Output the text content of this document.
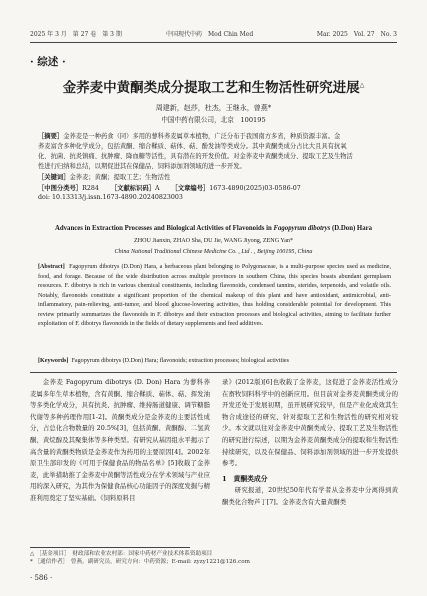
2025 年 3 月　第 27 卷　第 3 期	中国现代中药　Mod Chin Med	Mar. 2025　Vol. 27　No. 3
· 综述 ·
金荞麦中黄酮类成分提取工艺和生物活性研究进展△
周建新，赵莎，杜杰，王继永，曾燕*
中国中药有限公司，北京　100195
［摘要］金荞麦是一种药食（同）多用的蓼科荞麦属草本植物，广泛分布于我国南方多省，种质资源丰富。金
荞麦富含多种化学成分，包括黄酮、缩合鞣质、萜体、萜、酚发油等类成分。其中黄酮类成分占比大且具有抗氧
化、抗菌、抗炎镇痛、抗肿瘤、降血糖等活性，具有潜在的开发价值。对金荞麦中黄酮类成分、提取工艺及生物活
性进行归纳和总结，以期促进其在保健品、饲料添加剂领域的进一步开发。
［关键词］金荞麦；黄酮；提取工艺；生物活性
［中图分类号］R284 ［文献标识码］A ［文章编号］1673-4890(2025)03-0586-07
doi: 10.13313/j.issn.1673-4890.20240823003
Advances in Extraction Processes and Biological Activities of Flavonoids in Fagopyrum dibotrys (D.Don) Hara
ZHOU Jianxin, ZHAO Sha, DU Jie, WANG Jiyong, ZENG Yan*
China National Traditional Chinese Medicine Co. , Ltd . , Beijing 100195, China
[Abstract] Fagopyrum dibotrys (D.Don) Hara, a herbaceous plant belonging to Polygonaceae, is a multi-purpose species used as medicine, food, and forage. Because of the wide distribution across multiple provinces in southern China, this species boasts abundant germplasm resources. F. dibotrys is rich in various chemical constituents, including flavonoids, condensed tannins, sterides, terpenoids, and volatile oils. Notably, flavonoids constitute a significant proportion of the chemical makeup of this plant and have antioxidant, antimicrobial, anti-inflammatory, pain-relieving, anti-tumor, and blood glucose-lowering activities, thus holding considerable potential for development. This review primarily summarizes the flavonoids in F. dibotrys and their extraction processes and biological activities, aiming to facilitate further exploitation of F. dibotrys flavonoids in the fields of dietary supplements and feed additives.
[Keywords] Fagopyrum dibotrys (D.Don) Hara; flavonoids; extraction processes; biological activities

金荞麦 Fagopyrum dibotrys (D. Don) Hara 为蓼科荞麦属多年生草本植物，含有黄酮、缩合鞣质、萜体、萜、挥发油等多类化学成分，具有抗炎、抗肿瘤、维持肠道健康、调节糖脂代谢等多种药理作用[1-2]。黄酮类成分是金荞麦的主要活性成分，占总化合物数量的 20.5%[3]，包括黄酮、黄酮醇、二氢黄酮、黄烷醇及其聚集体等多种类型。有研究从基因组水平揭示了高含量的黄酮类物质是金荞麦作为药用的主要原因[4]。2002年原卫生部印发的《可用于保健食品的物品名单》[5]收载了金荞麦，此举措助推了金荞麦中黄酮等活性成分在学术领域与产业应用的深入研究，为其作为保健食品核心功能因子的深度发掘与精准利用奠定了坚实基础。《饲料原料目

录》(2012版)[6]也收载了金荞麦，这促进了金荞麦活性成分在畜牧饲料科学中的创新应用。但目前对金荞麦黄酮类成分的开发还处于发展初期，虽开展研究较早，但是产业化成效其生物合成途径的研究、针对提取工艺和生物活性的研究相对较少。本文就以往对金荞麦中黄酮类成分、提取工艺及生物活性的研究进行综述，以期为金荞麦黄酮类成分的提取和生物活性持续研究，以及在保健品、饲料添加剂领域的进一步开发提供参考。

1　黄酮类成分

研究报道，20世纪50年代有学者从金荞麦中分离得到黄酮类化合物芦丁[7]。金荞麦含有大量黄酮类

△ ［基金项目］　财政部和农业农村部：国家中药材产业技术体系资助项目
* ［通信作者］　曾燕，副研究员，研究方向：中药资源；E-mail: zyzy1221@126.com
· 586 ·
